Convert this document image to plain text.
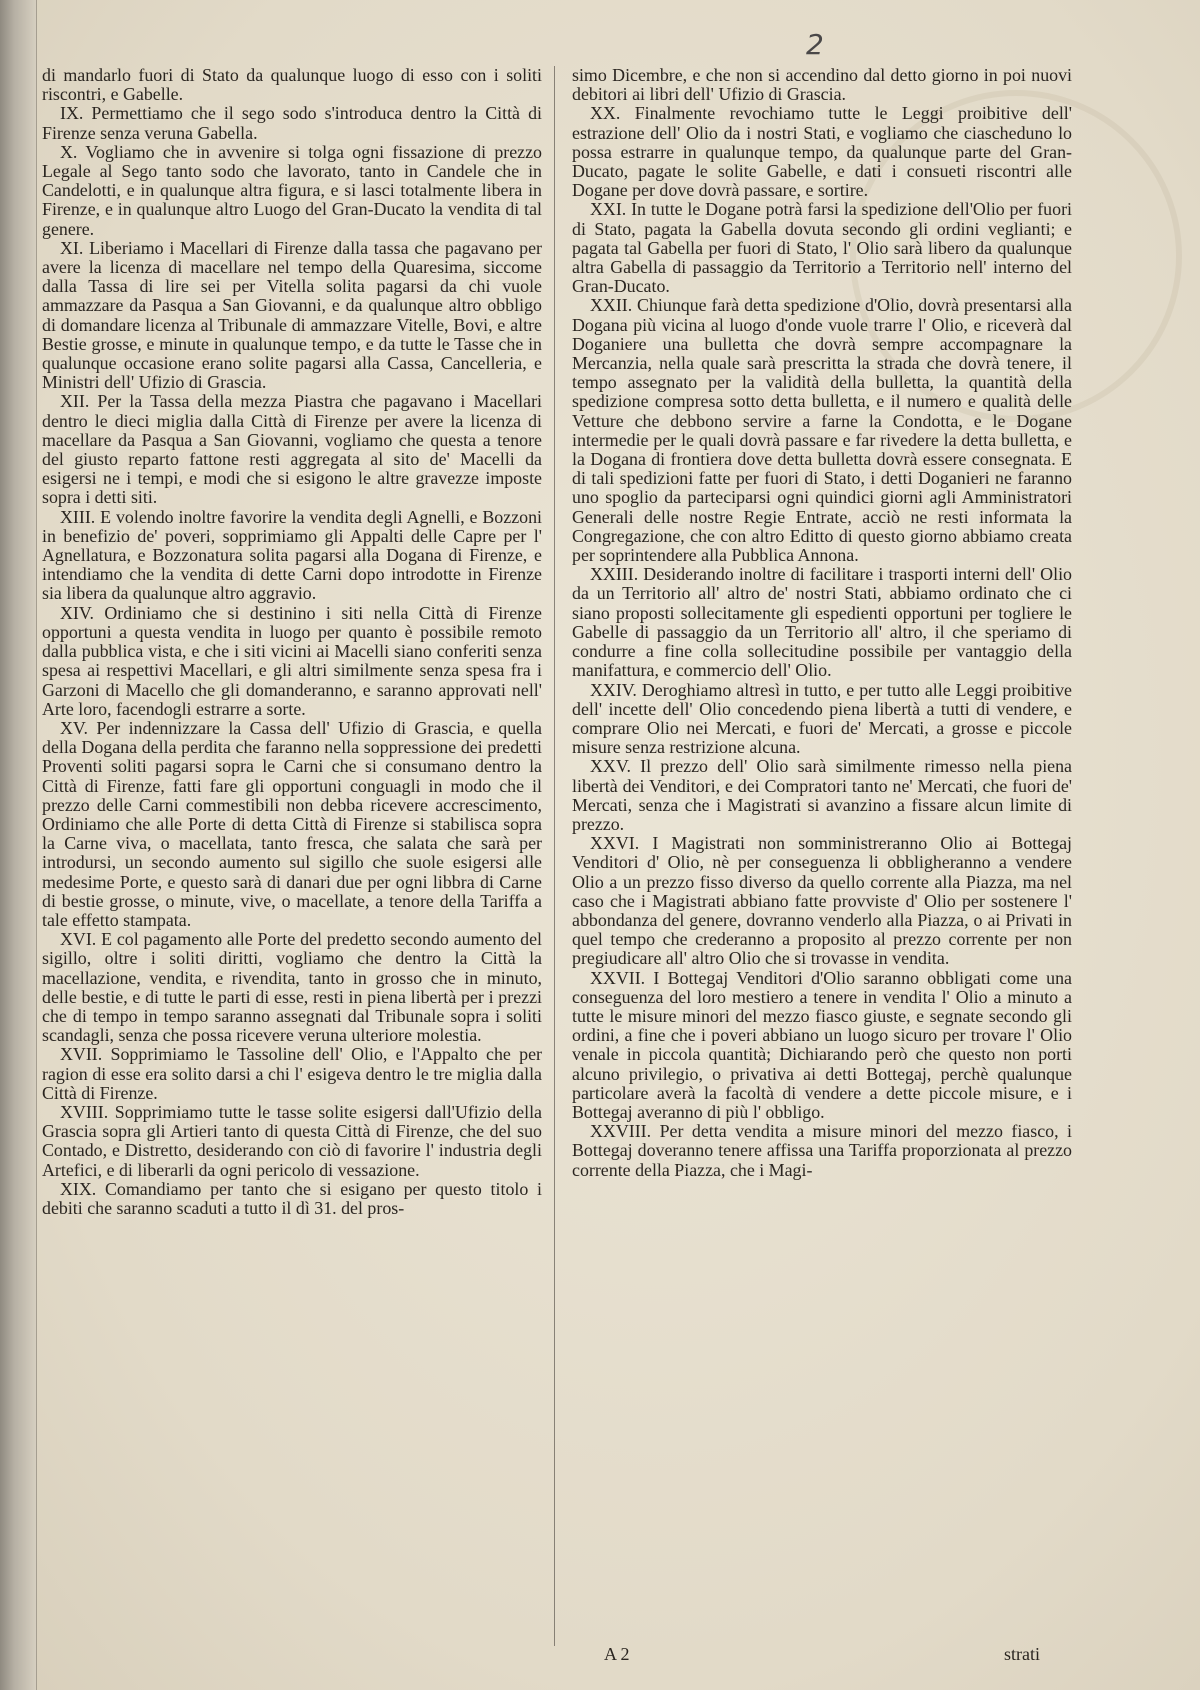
2

di mandarlo fuori di Stato da qualunque luogo di esso con i soliti riscontri, e Gabelle.

IX. Permettiamo che il sego sodo s'introduca dentro la Città di Firenze senza veruna Gabella.

X. Vogliamo che in avvenire si tolga ogni fissazione di prezzo Legale al Sego tanto sodo che lavorato, tanto in Candele che in Candelotti, e in qualunque altra figura, e si lasci totalmente libera in Firenze, e in qualunque altro Luogo del Gran-Ducato la vendita di tal genere.

XI. Liberiamo i Macellari di Firenze dalla tassa che pagavano per avere la licenza di macellare nel tempo della Quaresima, siccome dalla Tassa di lire sei per Vitella solita pagarsi da chi vuole ammazzare da Pasqua a San Giovanni, e da qualunque altro obbligo di domandare licenza al Tribunale di ammazzare Vitelle, Bovi, e altre Bestie grosse, e minute in qualunque tempo, e da tutte le Tasse che in qualunque occasione erano solite pagarsi alla Cassa, Cancelleria, e Ministri dell' Ufizio di Grascia.

XII. Per la Tassa della mezza Piastra che pagavano i Macellari dentro le dieci miglia dalla Città di Firenze per avere la licenza di macellare da Pasqua a San Giovanni, vogliamo che questa a tenore del giusto reparto fattone resti aggregata al sito de' Macelli da esigersi ne i tempi, e modi che si esigono le altre gravezze imposte sopra i detti siti.

XIII. E volendo inoltre favorire la vendita degli Agnelli, e Bozzoni in benefizio de' poveri, sopprimiamo gli Appalti delle Capre per l' Agnellatura, e Bozzonatura solita pagarsi alla Dogana di Firenze, e intendiamo che la vendita di dette Carni dopo introdotte in Firenze sia libera da qualunque altro aggravio.

XIV. Ordiniamo che si destinino i siti nella Città di Firenze opportuni a questa vendita in luogo per quanto è possibile remoto dalla pubblica vista, e che i siti vicini ai Macelli siano conferiti senza spesa ai respettivi Macellari, e gli altri similmente senza spesa fra i Garzoni di Macello che gli domanderanno, e saranno approvati nell' Arte loro, facendogli estrarre a sorte.

XV. Per indennizzare la Cassa dell' Ufizio di Grascia, e quella della Dogana della perdita che faranno nella soppressione dei predetti Proventi soliti pagarsi sopra le Carni che si consumano dentro la Città di Firenze, fatti fare gli opportuni conguagli in modo che il prezzo delle Carni commestibili non debba ricevere accrescimento, Ordiniamo che alle Porte di detta Città di Firenze si stabilisca sopra la Carne viva, o macellata, tanto fresca, che salata che sarà per introdursi, un secondo aumento sul sigillo che suole esigersi alle medesime Porte, e questo sarà di danari due per ogni libbra di Carne di bestie grosse, o minute, vive, o macellate, a tenore della Tariffa a tale effetto stampata.

XVI. E col pagamento alle Porte del predetto secondo aumento del sigillo, oltre i soliti diritti, vogliamo che dentro la Città la macellazione, vendita, e rivendita, tanto in grosso che in minuto, delle bestie, e di tutte le parti di esse, resti in piena libertà per i prezzi che di tempo in tempo saranno assegnati dal Tribunale sopra i soliti scandagli, senza che possa ricevere veruna ulteriore molestia.

XVII. Sopprimiamo le Tassoline dell' Olio, e l'Appalto che per ragion di esse era solito darsi a chi l' esigeva dentro le tre miglia dalla Città di Firenze.

XVIII. Sopprimiamo tutte le tasse solite esigersi dall'Ufizio della Grascia sopra gli Artieri tanto di questa Città di Firenze, che del suo Contado, e Distretto, desiderando con ciò di favorire l' industria degli Artefici, e di liberarli da ogni pericolo di vessazione.

XIX. Comandiamo per tanto che si esigano per questo titolo i debiti che saranno scaduti a tutto il dì 31. del pros-

simo Dicembre, e che non si accendino dal detto giorno in poi nuovi debitori ai libri dell' Ufizio di Grascia.

XX. Finalmente revochiamo tutte le Leggi proibitive dell' estrazione dell' Olio da i nostri Stati, e vogliamo che ciascheduno lo possa estrarre in qualunque tempo, da qualunque parte del Gran-Ducato, pagate le solite Gabelle, e dati i consueti riscontri alle Dogane per dove dovrà passare, e sortire.

XXI. In tutte le Dogane potrà farsi la spedizione dell'Olio per fuori di Stato, pagata la Gabella dovuta secondo gli ordini veglianti; e pagata tal Gabella per fuori di Stato, l' Olio sarà libero da qualunque altra Gabella di passaggio da Territorio a Territorio nell' interno del Gran-Ducato.

XXII. Chiunque farà detta spedizione d'Olio, dovrà presentarsi alla Dogana più vicina al luogo d'onde vuole trarre l' Olio, e riceverà dal Doganiere una bulletta che dovrà sempre accompagnare la Mercanzia, nella quale sarà prescritta la strada che dovrà tenere, il tempo assegnato per la validità della bulletta, la quantità della spedizione compresa sotto detta bulletta, e il numero e qualità delle Vetture che debbono servire a farne la Condotta, e le Dogane intermedie per le quali dovrà passare e far rivedere la detta bulletta, e la Dogana di frontiera dove detta bulletta dovrà essere consegnata. E di tali spedizioni fatte per fuori di Stato, i detti Doganieri ne faranno uno spoglio da parteciparsi ogni quindici giorni agli Amministratori Generali delle nostre Regie Entrate, acciò ne resti informata la Congregazione, che con altro Editto di questo giorno abbiamo creata per soprintendere alla Pubblica Annona.

XXIII. Desiderando inoltre di facilitare i trasporti interni dell' Olio da un Territorio all' altro de' nostri Stati, abbiamo ordinato che ci siano proposti sollecitamente gli espedienti opportuni per togliere le Gabelle di passaggio da un Territorio all' altro, il che speriamo di condurre a fine colla sollecitudine possibile per vantaggio della manifattura, e commercio dell' Olio.

XXIV. Deroghiamo altresì in tutto, e per tutto alle Leggi proibitive dell' incette dell' Olio concedendo piena libertà a tutti di vendere, e comprare Olio nei Mercati, e fuori de' Mercati, a grosse e piccole misure senza restrizione alcuna.

XXV. Il prezzo dell' Olio sarà similmente rimesso nella piena libertà dei Venditori, e dei Compratori tanto ne' Mercati, che fuori de' Mercati, senza che i Magistrati si avanzino a fissare alcun limite di prezzo.

XXVI. I Magistrati non somministreranno Olio ai Bottegaj Venditori d' Olio, nè per conseguenza li obbligheranno a vendere Olio a un prezzo fisso diverso da quello corrente alla Piazza, ma nel caso che i Magistrati abbiano fatte provviste d' Olio per sostenere l' abbondanza del genere, dovranno venderlo alla Piazza, o ai Privati in quel tempo che crederanno a proposito al prezzo corrente per non pregiudicare all' altro Olio che si trovasse in vendita.

XXVII. I Bottegaj Venditori d'Olio saranno obbligati come una conseguenza del loro mestiero a tenere in vendita l' Olio a minuto a tutte le misure minori del mezzo fiasco giuste, e segnate secondo gli ordini, a fine che i poveri abbiano un luogo sicuro per trovare l' Olio venale in piccola quantità; Dichiarando però che questo non porti alcuno privilegio, o privativa ai detti Bottegaj, perchè qualunque particolare averà la facoltà di vendere a dette piccole misure, e i Bottegaj averanno di più l' obbligo.

XXVIII. Per detta vendita a misure minori del mezzo fiasco, i Bottegaj doveranno tenere affissa una Tariffa proporzionata al prezzo corrente della Piazza, che i Magi-

A 2	strati
